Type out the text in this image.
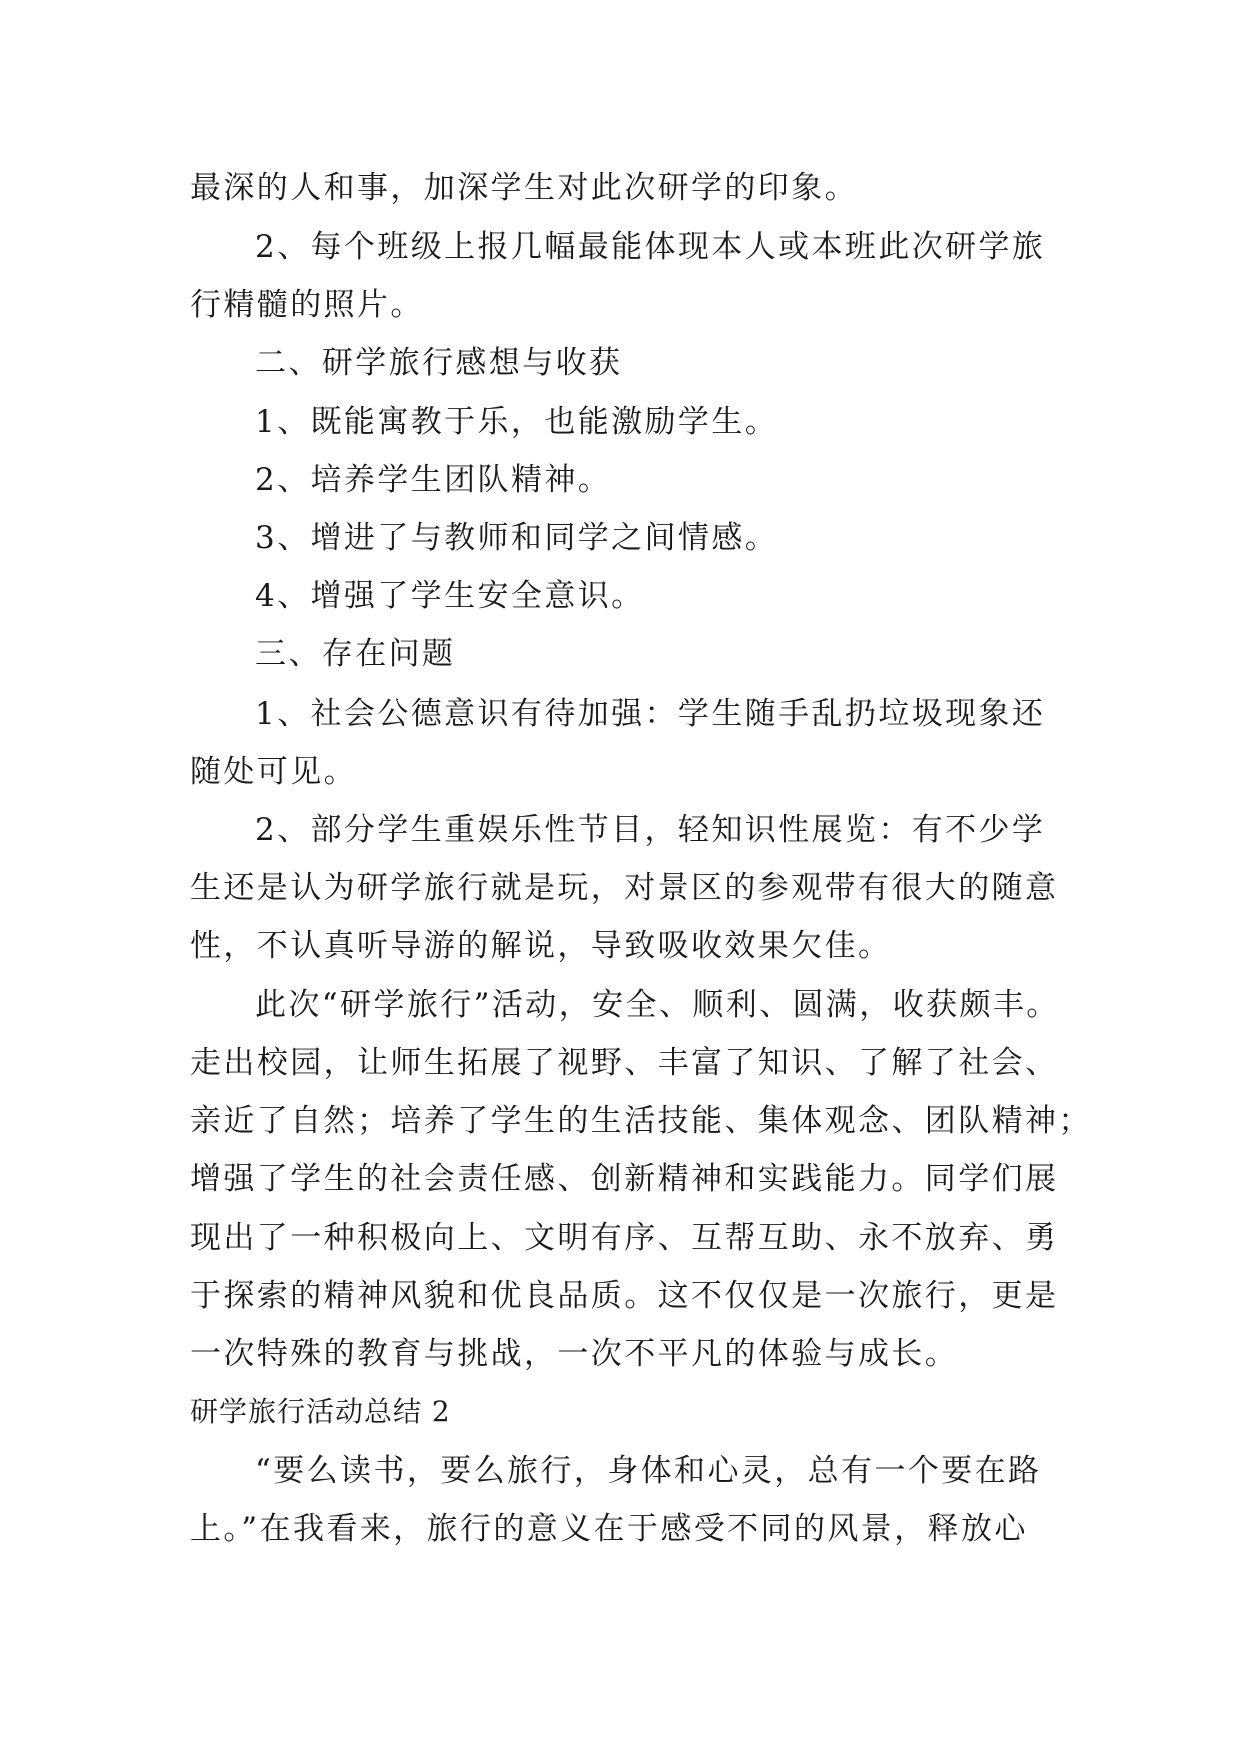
最深的人和事，加深学生对此次研学的印象。
2、每个班级上报几幅最能体现本人或本班此次研学旅
行精髓的照片。
二、研学旅行感想与收获
1、既能寓教于乐，也能激励学生。
2、培养学生团队精神。
3、增进了与教师和同学之间情感。
4、增强了学生安全意识。
三、存在问题
1、社会公德意识有待加强：学生随手乱扔垃圾现象还
随处可见。
2、部分学生重娱乐性节目，轻知识性展览：有不少学
生还是认为研学旅行就是玩，对景区的参观带有很大的随意
性，不认真听导游的解说，导致吸收效果欠佳。
此次“研学旅行”活动，安全、顺利、圆满，收获颇丰。
走出校园，让师生拓展了视野、丰富了知识、了解了社会、
亲近了自然；培养了学生的生活技能、集体观念、团队精神；
增强了学生的社会责任感、创新精神和实践能力。同学们展
现出了一种积极向上、文明有序、互帮互助、永不放弃、勇
于探索的精神风貌和优良品质。这不仅仅是一次旅行，更是
一次特殊的教育与挑战，一次不平凡的体验与成长。
研学旅行活动总结 2
“要么读书，要么旅行，身体和心灵，总有一个要在路
上。”在我看来，旅行的意义在于感受不同的风景，释放心
